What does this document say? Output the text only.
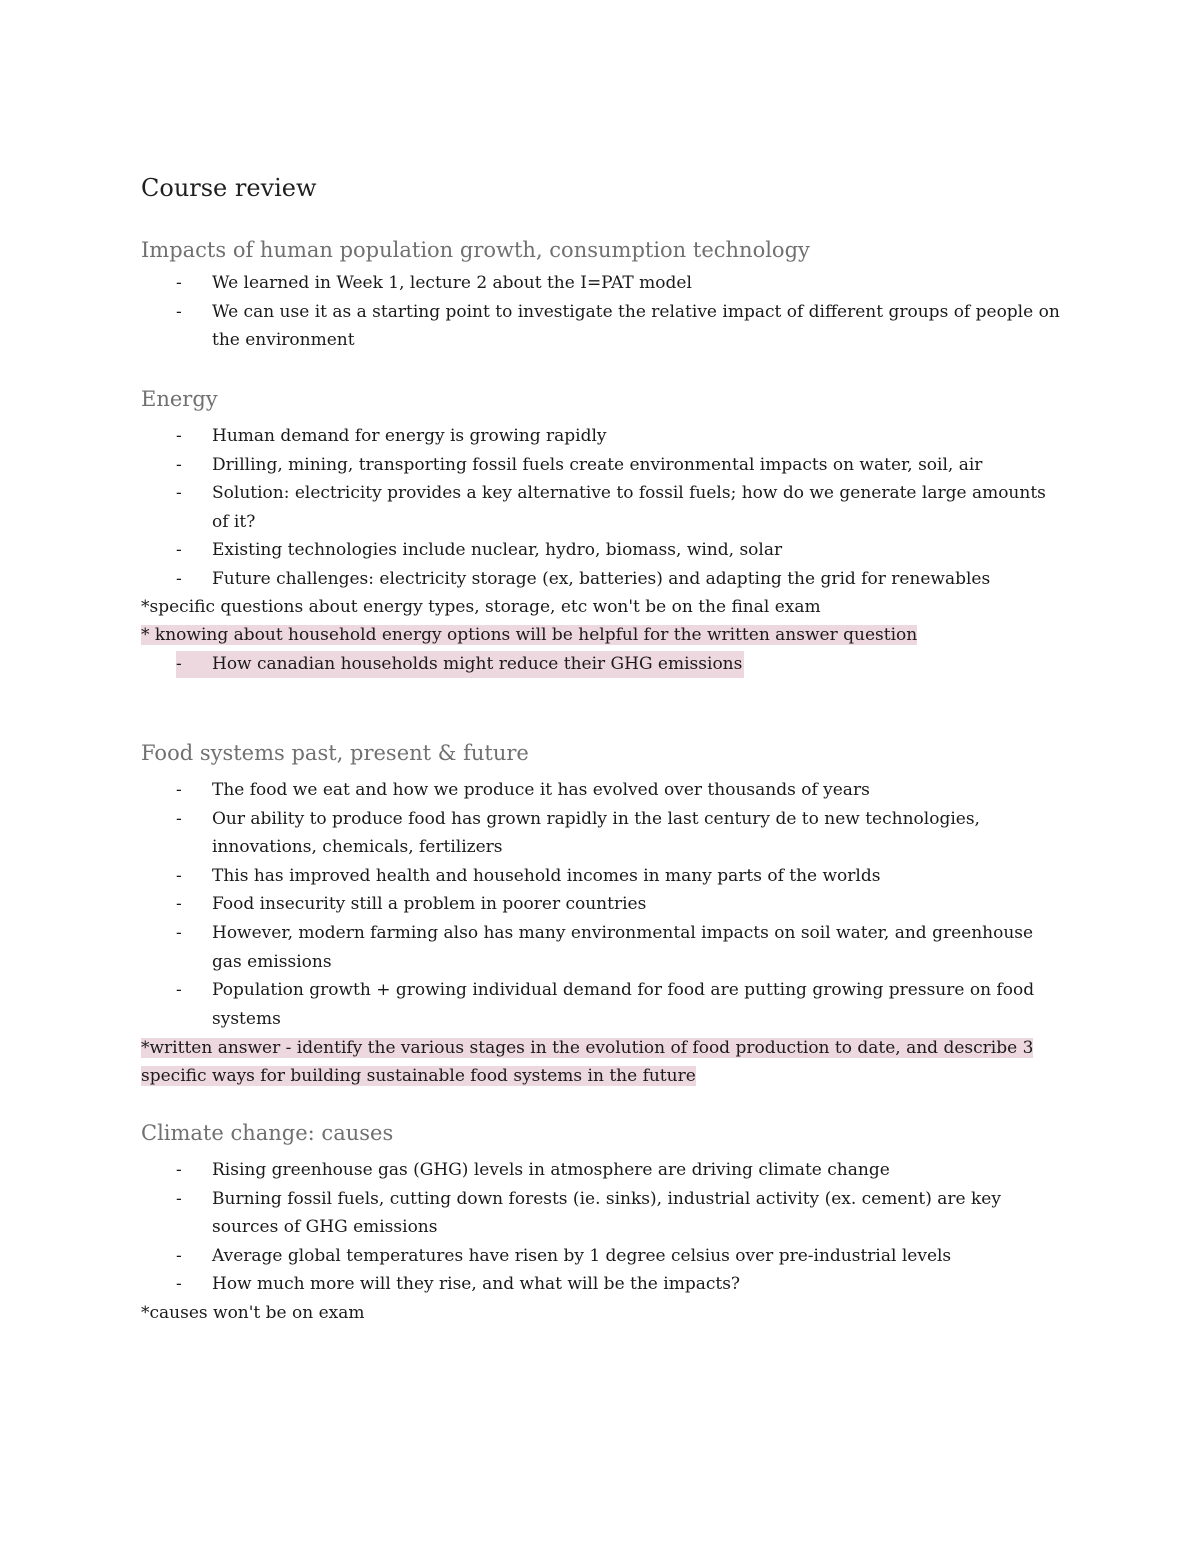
Course review
Impacts of human population growth, consumption technology
- We learned in Week 1, lecture 2 about the I=PAT model
- We can use it as a starting point to investigate the relative impact of different groups of people on the environment
Energy
- Human demand for energy is growing rapidly
- Drilling, mining, transporting fossil fuels create environmental impacts on water, soil, air
- Solution: electricity provides a key alternative to fossil fuels; how do we generate large amounts of it?
- Existing technologies include nuclear, hydro, biomass, wind, solar
- Future challenges: electricity storage (ex, batteries) and adapting the grid for renewables
*specific questions about energy types, storage, etc won't be on the final exam
* knowing about household energy options will be helpful for the written answer question
- How canadian households might reduce their GHG emissions
Food systems past, present & future
- The food we eat and how we produce it has evolved over thousands of years
- Our ability to produce food has grown rapidly in the last century de to new technologies, innovations, chemicals, fertilizers
- This has improved health and household incomes in many parts of the worlds
- Food insecurity still a problem in poorer countries
- However, modern farming also has many environmental impacts on soil water, and greenhouse gas emissions
- Population growth + growing individual demand for food are putting growing pressure on food systems
*written answer - identify the various stages in the evolution of food production to date, and describe 3
specific ways for building sustainable food systems in the future
Climate change: causes
- Rising greenhouse gas (GHG) levels in atmosphere are driving climate change
- Burning fossil fuels, cutting down forests (ie. sinks), industrial activity (ex. cement) are key sources of GHG emissions
- Average global temperatures have risen by 1 degree celsius over pre-industrial levels
- How much more will they rise, and what will be the impacts?
*causes won't be on exam
